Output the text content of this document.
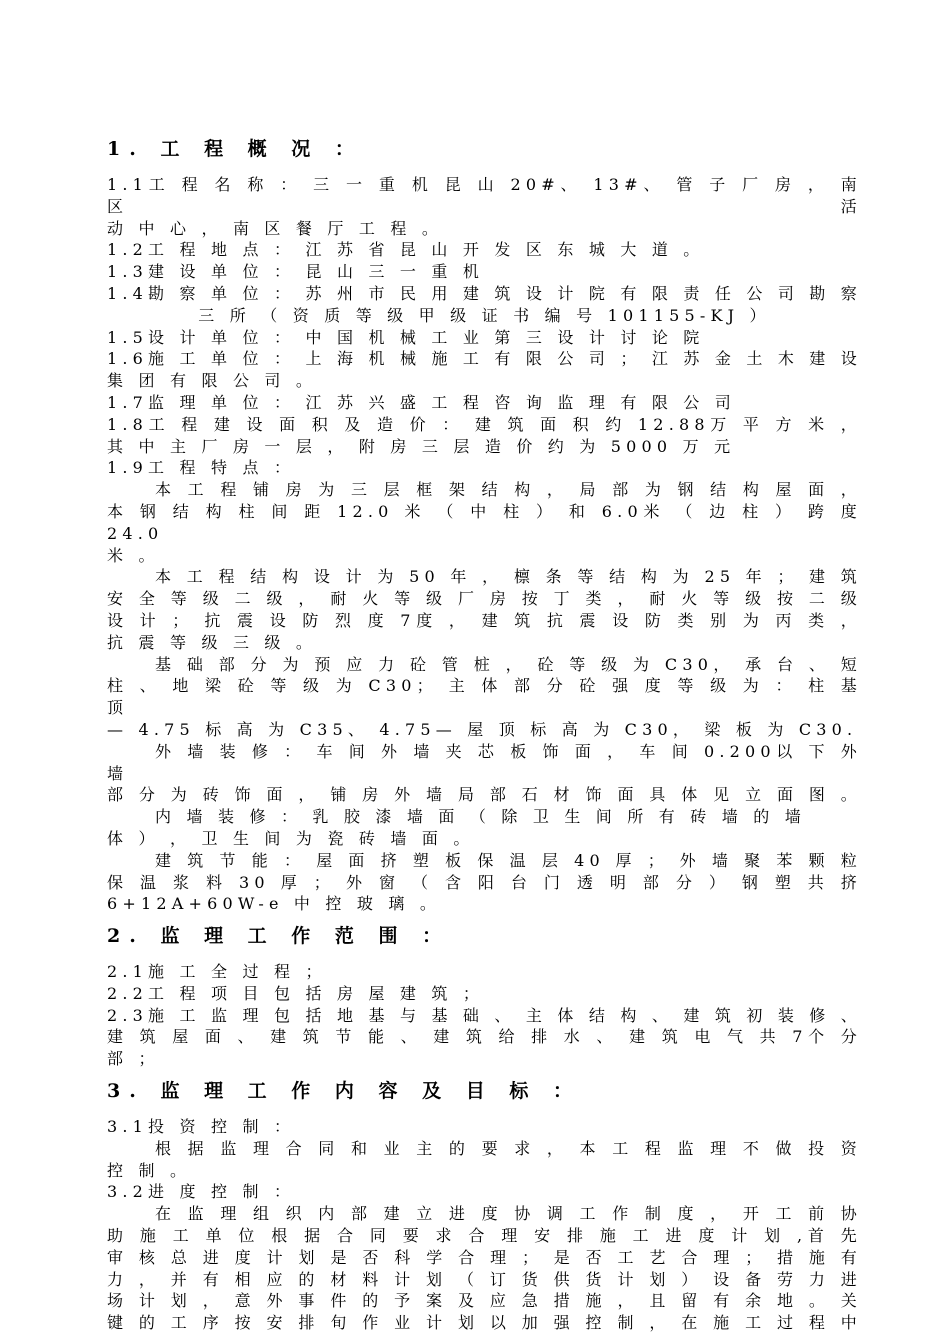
1. 工 程 概 况 ：

1.1工 程 名 称 ： 三 一 重 机 昆 山 20#、 13#、 管 子 厂 房 ， 南 区 活

动 中 心 ， 南 区 餐 厅 工 程 。

1.2工 程 地 点 ： 江 苏 省 昆 山 开 发 区 东 城 大 道 。

1.3建 设 单 位 ： 昆 山 三 一 重 机

1.4勘 察 单 位 ： 苏 州 市 民 用 建 筑 设 计 院 有 限 责 任 公 司 勘 察

三 所 （ 资 质 等 级 甲 级 证 书 编 号 101155-KJ ）

1.5设 计 单 位 ： 中 国 机 械 工 业 第 三 设 计 讨 论 院

1.6施 工 单 位 ： 上 海 机 械 施 工 有 限 公 司 ； 江 苏 金 土 木 建 设

集 团 有 限 公 司 。

1.7监 理 单 位 ： 江 苏 兴 盛 工 程 咨 询 监 理 有 限 公 司

1.8工 程 建 设 面 积 及 造 价 ： 建 筑 面 积 约 12.88万 平 方 米 ，

其 中 主 厂 房 一 层 ， 附 房 三 层 造 价 约 为 5000 万 元

1.9工 程 特 点 ：

本 工 程 铺 房 为 三 层 框 架 结 构 ， 局 部 为 钢 结 构 屋 面 ，

本 钢 结 构 柱 间 距 12.0 米 （ 中 柱 ） 和 6.0米 （ 边 柱 ） 跨 度 24.0

米 。

本 工 程 结 构 设 计 为 50 年 ， 檩 条 等 结 构 为 25 年 ； 建 筑

安 全 等 级 二 级 ， 耐 火 等 级 厂 房 按 丁 类 ， 耐 火 等 级 按 二 级

设 计 ； 抗 震 设 防 烈 度 7度 ， 建 筑 抗 震 设 防 类 别 为 丙 类 ，

抗 震 等 级 三 级 。

基 础 部 分 为 预 应 力 砼 管 桩 ， 砼 等 级 为 C30， 承 台 、 短

柱 、 地 梁 砼 等 级 为 C30； 主 体 部 分 砼 强 度 等 级 为 ： 柱 基 顶

— 4.75 标 高 为 C35、 4.75— 屋 顶 标 高 为 C30， 梁 板 为 C30.

外 墙 装 修 ： 车 间 外 墙 夹 芯 板 饰 面 ， 车 间 0.200以 下 外 墙

部 分 为 砖 饰 面 ， 铺 房 外 墙 局 部 石 材 饰 面 具 体 见 立 面 图 。

内 墙 装 修 ： 乳 胶 漆 墙 面 （ 除 卫 生 间 所 有 砖 墙 的 墙

体 ） ， 卫 生 间 为 瓷 砖 墙 面 。

建 筑 节 能 ： 屋 面 挤 塑 板 保 温 层 40 厚 ； 外 墙 聚 苯 颗 粒

保 温 浆 料 30 厚 ； 外 窗 （ 含 阳 台 门 透 明 部 分 ） 钢 塑 共 挤

6+12A+60W-e 中 控 玻 璃 。

2. 监 理 工 作 范 围 ：

2.1施 工 全 过 程 ；

2.2工 程 项 目 包 括 房 屋 建 筑 ；

2.3施 工 监 理 包 括 地 基 与 基 础 、 主 体 结 构 、 建 筑 初 装 修 、

建 筑 屋 面 、 建 筑 节 能 、 建 筑 给 排 水 、 建 筑 电 气 共 7个 分

部 ；

3. 监 理 工 作 内 容 及 目 标 ：

3.1投 资 控 制 ：

根 据 监 理 合 同 和 业 主 的 要 求 ， 本 工 程 监 理 不 做 投 资

控 制 。

3.2进 度 控 制 ：

在 监 理 组 织 内 部 建 立 进 度 协 调 工 作 制 度 ， 开 工 前 协

助 施 工 单 位 根 据 合 同 要 求 合 理 安 排 施 工 进 度 计 划 ,首 先

审 核 总 进 度 计 划 是 否 科 学 合 理 ； 是 否 工 艺 合 理 ； 措 施 有

力 ， 并 有 相 应 的 材 料 计 划 （ 订 货 供 货 计 划 ） 设 备 劳 力 进

场 计 划 ， 意 外 事 件 的 予 案 及 应 急 措 施 ， 且 留 有 余 地 。 关

键 的 工 序 按 安 排 旬 作 业 计 划 以 加 强 控 制 ， 在 施 工 过 程 中
